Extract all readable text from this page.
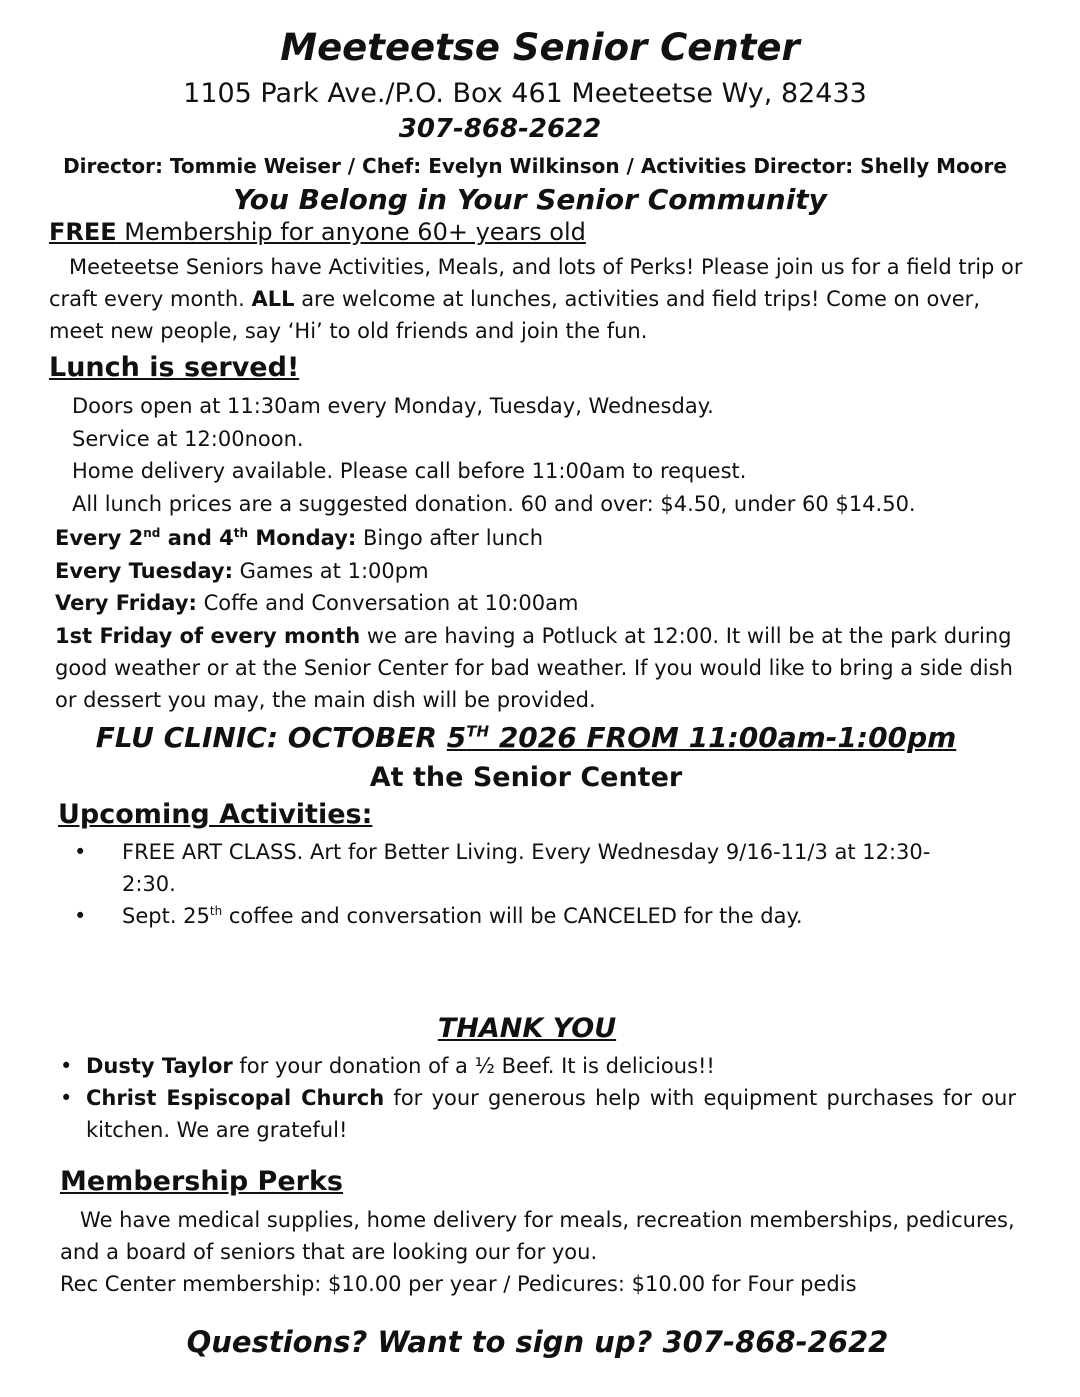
Meeteetse Senior Center
1105 Park Ave./P.O. Box 461 Meeteetse Wy, 82433
307-868-2622
Director: Tommie Weiser / Chef: Evelyn Wilkinson / Activities Director: Shelly Moore
You Belong in Your Senior Community
FREE Membership for anyone 60+ years old
Meeteetse Seniors have Activities, Meals, and lots of Perks! Please join us for a field trip or craft every month. ALL are welcome at lunches, activities and field trips! Come on over, meet new people, say ‘Hi’ to old friends and join the fun.
Lunch is served!
Doors open at 11:30am every Monday, Tuesday, Wednesday.
Service at 12:00noon.
Home delivery available. Please call before 11:00am to request.
All lunch prices are a suggested donation. 60 and over: $4.50, under 60 $14.50.
Every 2nd and 4th Monday: Bingo after lunch
Every Tuesday: Games at 1:00pm
Very Friday: Coffe and Conversation at 10:00am
1st Friday of every month we are having a Potluck at 12:00. It will be at the park during good weather or at the Senior Center for bad weather. If you would like to bring a side dish or dessert you may, the main dish will be provided.
FLU CLINIC: OCTOBER 5TH 2026 FROM 11:00am-1:00pm
At the Senior Center
Upcoming Activities:
• FREE ART CLASS. Art for Better Living. Every Wednesday 9/16-11/3 at 12:30-2:30.
• Sept. 25th coffee and conversation will be CANCELED for the day.
THANK YOU
• Dusty Taylor for your donation of a ½ Beef. It is delicious!!
• Christ Espiscopal Church for your generous help with equipment purchases for our kitchen. We are grateful!
Membership Perks
We have medical supplies, home delivery for meals, recreation memberships, pedicures, and a board of seniors that are looking our for you.
Rec Center membership: $10.00 per year / Pedicures: $10.00 for Four pedis
Questions? Want to sign up? 307-868-2622
